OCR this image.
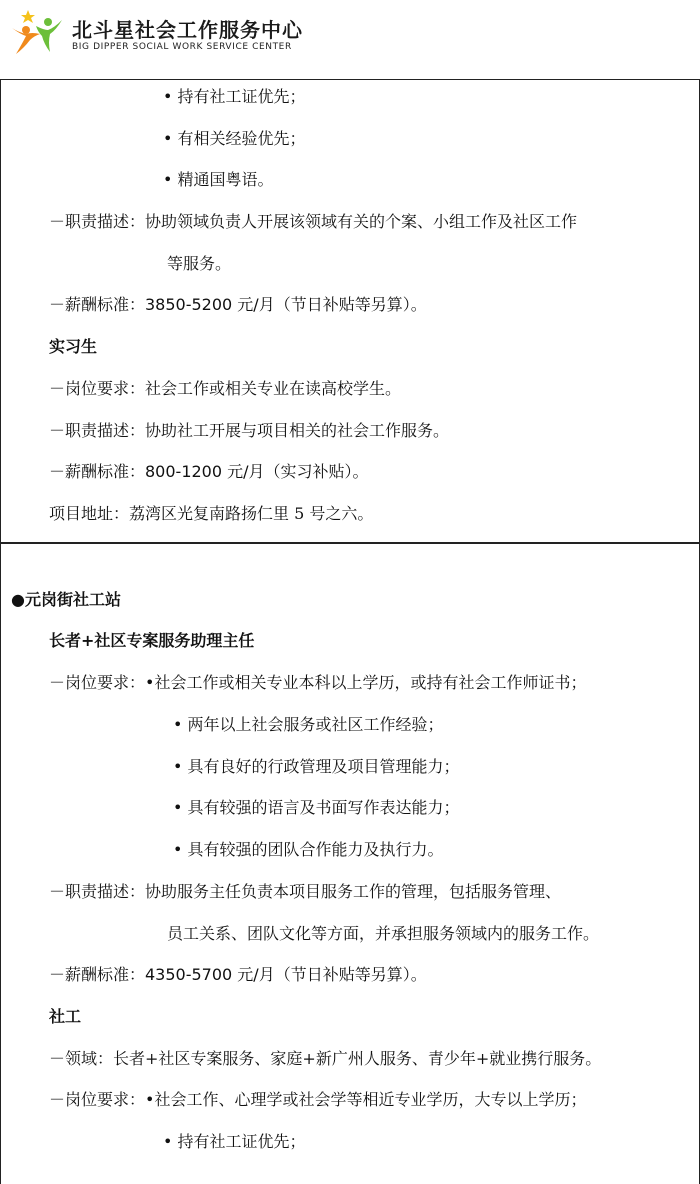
北斗星社会工作服务中心
BIG DIPPER SOCIAL WORK SERVICE CENTER
• 持有社工证优先；
• 有相关经验优先；
• 精通国粤语。
－职责描述：协助领域负责人开展该领域有关的个案、小组工作及社区工作
等服务。
－薪酬标准：3850-5200 元/月（节日补贴等另算）。
实习生
－岗位要求：社会工作或相关专业在读高校学生。
－职责描述：协助社工开展与项目相关的社会工作服务。
－薪酬标准：800-1200 元/月（实习补贴）。
项目地址：荔湾区光复南路扬仁里 5 号之六。
●元岗街社工站
长者+社区专案服务助理主任
－岗位要求：•社会工作或相关专业本科以上学历，或持有社会工作师证书；
• 两年以上社会服务或社区工作经验；
• 具有良好的行政管理及项目管理能力；
• 具有较强的语言及书面写作表达能力；
• 具有较强的团队合作能力及执行力。
－职责描述：协助服务主任负责本项目服务工作的管理，包括服务管理、
员工关系、团队文化等方面，并承担服务领域内的服务工作。
－薪酬标准：4350-5700 元/月（节日补贴等另算）。
社工
－领域：长者+社区专案服务、家庭+新广州人服务、青少年+就业携行服务。
－岗位要求：•社会工作、心理学或社会学等相近专业学历，大专以上学历；
• 持有社工证优先；
